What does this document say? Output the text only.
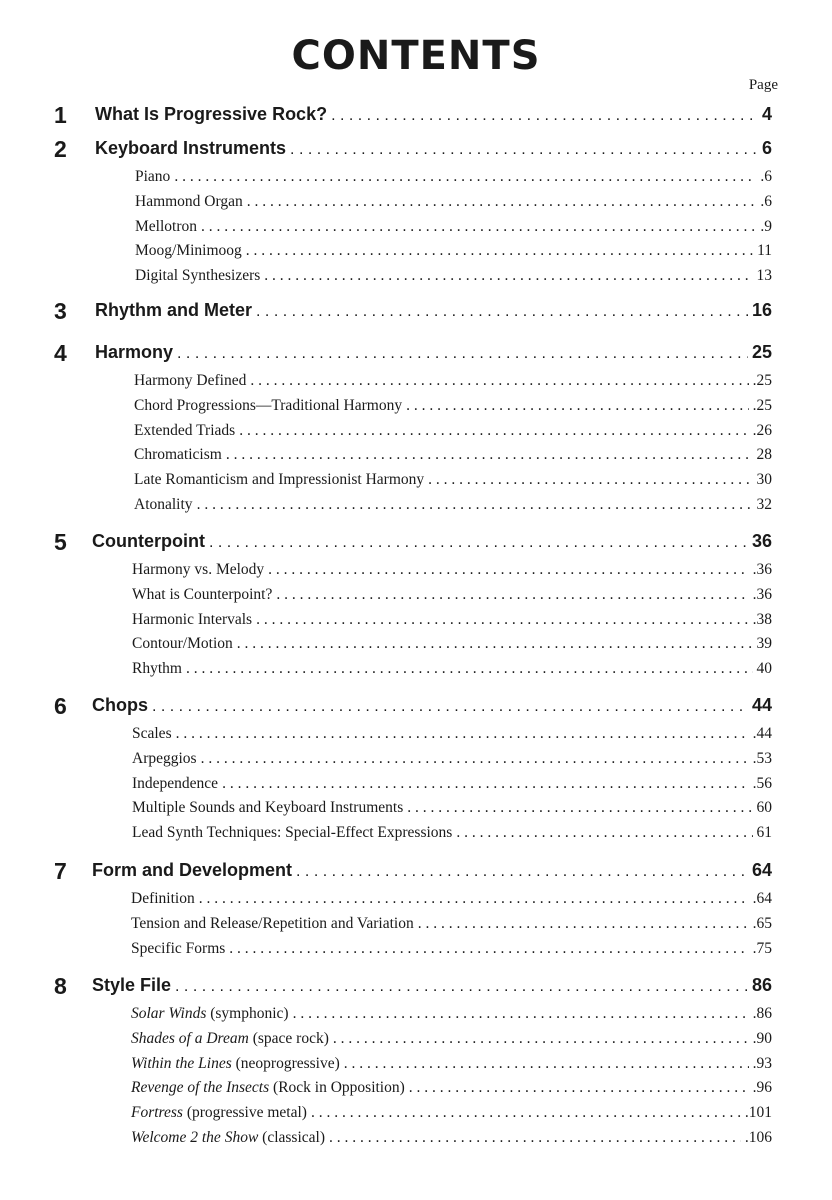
CONTENTS
Page
1 What Is Progressive Rock? . . .	4
2 Keyboard Instruments . . .	6
Piano . . .	.6
Hammond Organ . . .	.6
Mellotron . . .	.9
Moog/Minimoog . . .	11
Digital Synthesizers . . .	13
3 Rhythm and Meter . . .	16
4 Harmony . . .	25
Harmony Defined . . .	.25
Chord Progressions—Traditional Harmony . . .	.25
Extended Triads . . .	.26
Chromaticism . . .	28
Late Romanticism and Impressionist Harmony . . .	30
Atonality . . .	32
5 Counterpoint . . .	36
Harmony vs. Melody . . .	.36
What is Counterpoint? . . .	.36
Harmonic Intervals . . .	.38
Contour/Motion . . .	39
Rhythm . . .	40
6 Chops . . .	44
Scales . . .	.44
Arpeggios . . .	.53
Independence . . .	.56
Multiple Sounds and Keyboard Instruments . . .	60
Lead Synth Techniques: Special-Effect Expressions . . .	61
7 Form and Development . . .	64
Definition . . .	.64
Tension and Release/Repetition and Variation . . .	.65
Specific Forms . . .	.75
8 Style File . . .	86
Solar Winds (symphonic) . . .	.86
Shades of a Dream (space rock) . . .	.90
Within the Lines (neoprogressive) . . .	.93
Revenge of the Insects (Rock in Opposition) . . .	.96
Fortress (progressive metal) . . .	.101
Welcome 2 the Show (classical) . . .	.106
